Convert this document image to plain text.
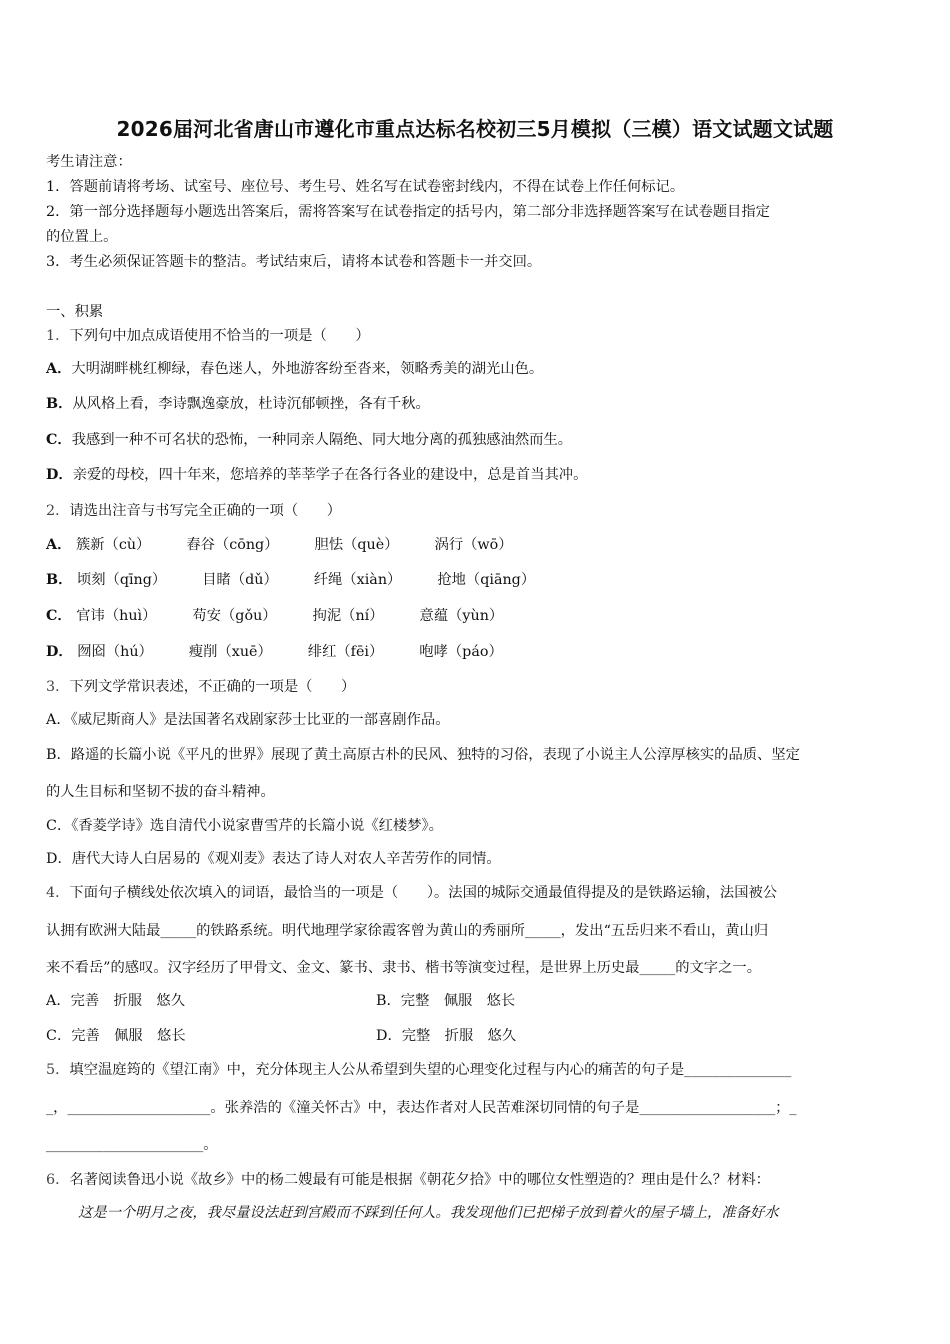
2026届河北省唐山市遵化市重点达标名校初三5月模拟（三模）语文试题文试题
考生请注意：
1．答题前请将考场、试室号、座位号、考生号、姓名写在试卷密封线内，不得在试卷上作任何标记。
2．第一部分选择题每小题选出答案后，需将答案写在试卷指定的括号内，第二部分非选择题答案写在试卷题目指定
的位置上。
3．考生必须保证答题卡的整洁。考试结束后，请将本试卷和答题卡一并交回。
一、积累
1．下列句中加点成语使用不恰当的一项是（　　）
A．大明湖畔桃红柳绿，春色迷人，外地游客纷至沓来，领略秀美的湖光山色。
B．从风格上看，李诗飘逸豪放，杜诗沉郁顿挫，各有千秋。
C．我感到一种不可名状的恐怖，一种同亲人隔绝、同大地分离的孤独感油然而生。
D．亲爱的母校，四十年来，您培养的莘莘学子在各行各业的建设中，总是首当其冲。
2．请选出注音与书写完全正确的一项（　　）
A． 簇新（cù）	舂谷（cōng）	胆怯（què）	涡行（wō）
B． 顷刻（qīng）	目睹（dǔ）	纤绳（xiàn）	抢地（qiāng）
C． 官讳（huì）	苟安（gǒu）	拘泥（ní）	意蕴（yùn）
D． 囫囵（hú）	瘦削（xuē）	绯红（fēi）	咆哮（páo）
3．下列文学常识表述，不正确的一项是（　　）
A．《威尼斯商人》是法国著名戏剧家莎士比亚的一部喜剧作品。
B．路遥的长篇小说《平凡的世界》展现了黄土高原古朴的民风、独特的习俗，表现了小说主人公淳厚核实的品质、坚定
的人生目标和坚韧不拔的奋斗精神。
C．《香菱学诗》选自清代小说家曹雪芹的长篇小说《红楼梦》。
D．唐代大诗人白居易的《观刈麦》表达了诗人对农人辛苦劳作的同情。
4．下面句子横线处依次填入的词语，最恰当的一项是（　　）。法国的城际交通最值得提及的是铁路运输，法国被公
认拥有欧洲大陆最_____的铁路系统。明代地理学家徐霞客曾为黄山的秀丽所_____，发出“五岳归来不看山，黄山归
来不看岳”的感叹。汉字经历了甲骨文、金文、篆书、隶书、楷书等演变过程，是世界上历史最_____的文字之一。
A．完善　折服　悠久	B．完整　佩服　悠长
C．完善　佩服　悠长	D．完整　折服　悠久
5．填空温庭筠的《望江南》中，充分体现主人公从希望到失望的心理变化过程与内心的痛苦的句子是_______________
_，____________________。张养浩的《潼关怀古》中，表达作者对人民苦难深切同情的句子是___________________；_
______________________。
6．名著阅读鲁迅小说《故乡》中的杨二嫂最有可能是根据《朝花夕拾》中的哪位女性塑造的？理由是什么？材料：
这是一个明月之夜，我尽量设法赶到宫殿而不踩到任何人。我发现他们已把梯子放到着火的屋子墙上，准备好水
